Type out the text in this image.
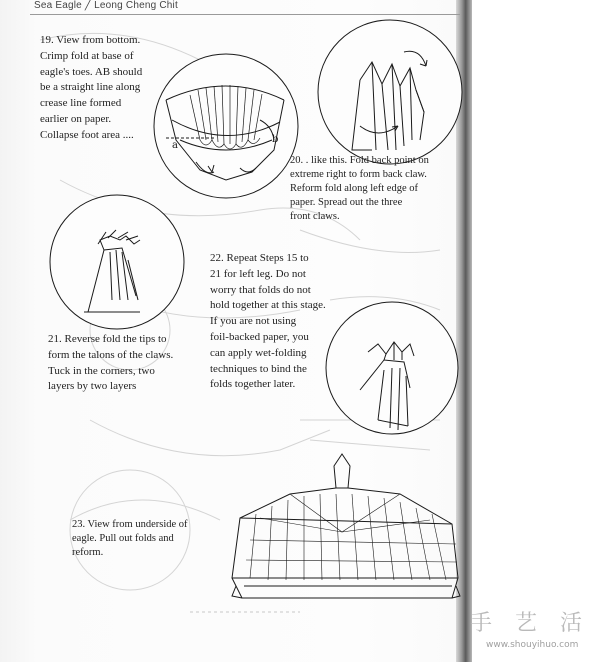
Sea Eagle ╱ Leong Cheng Chit
a
b

19. View from bottom.
Crimp fold at base of
eagle's toes. AB should
be a straight line along
crease line formed
earlier on paper.
Collapse foot area ....

20. . like this. Fold back point on
extreme right to form back claw.
Reform fold along left edge of
paper. Spread out the three
front claws.

21. Reverse fold the tips to
form the talons of the claws.
Tuck in the corners, two
layers by two layers

22. Repeat Steps 15 to
21 for left leg. Do not
worry that folds do not
hold together at this stage.
If you are not using
foil-backed paper, you
can apply wet-folding
techniques to bind the
folds together later.

23. View from underside of
eagle. Pull out folds and
reform.

手 艺 活
www.shouyihuo.com
